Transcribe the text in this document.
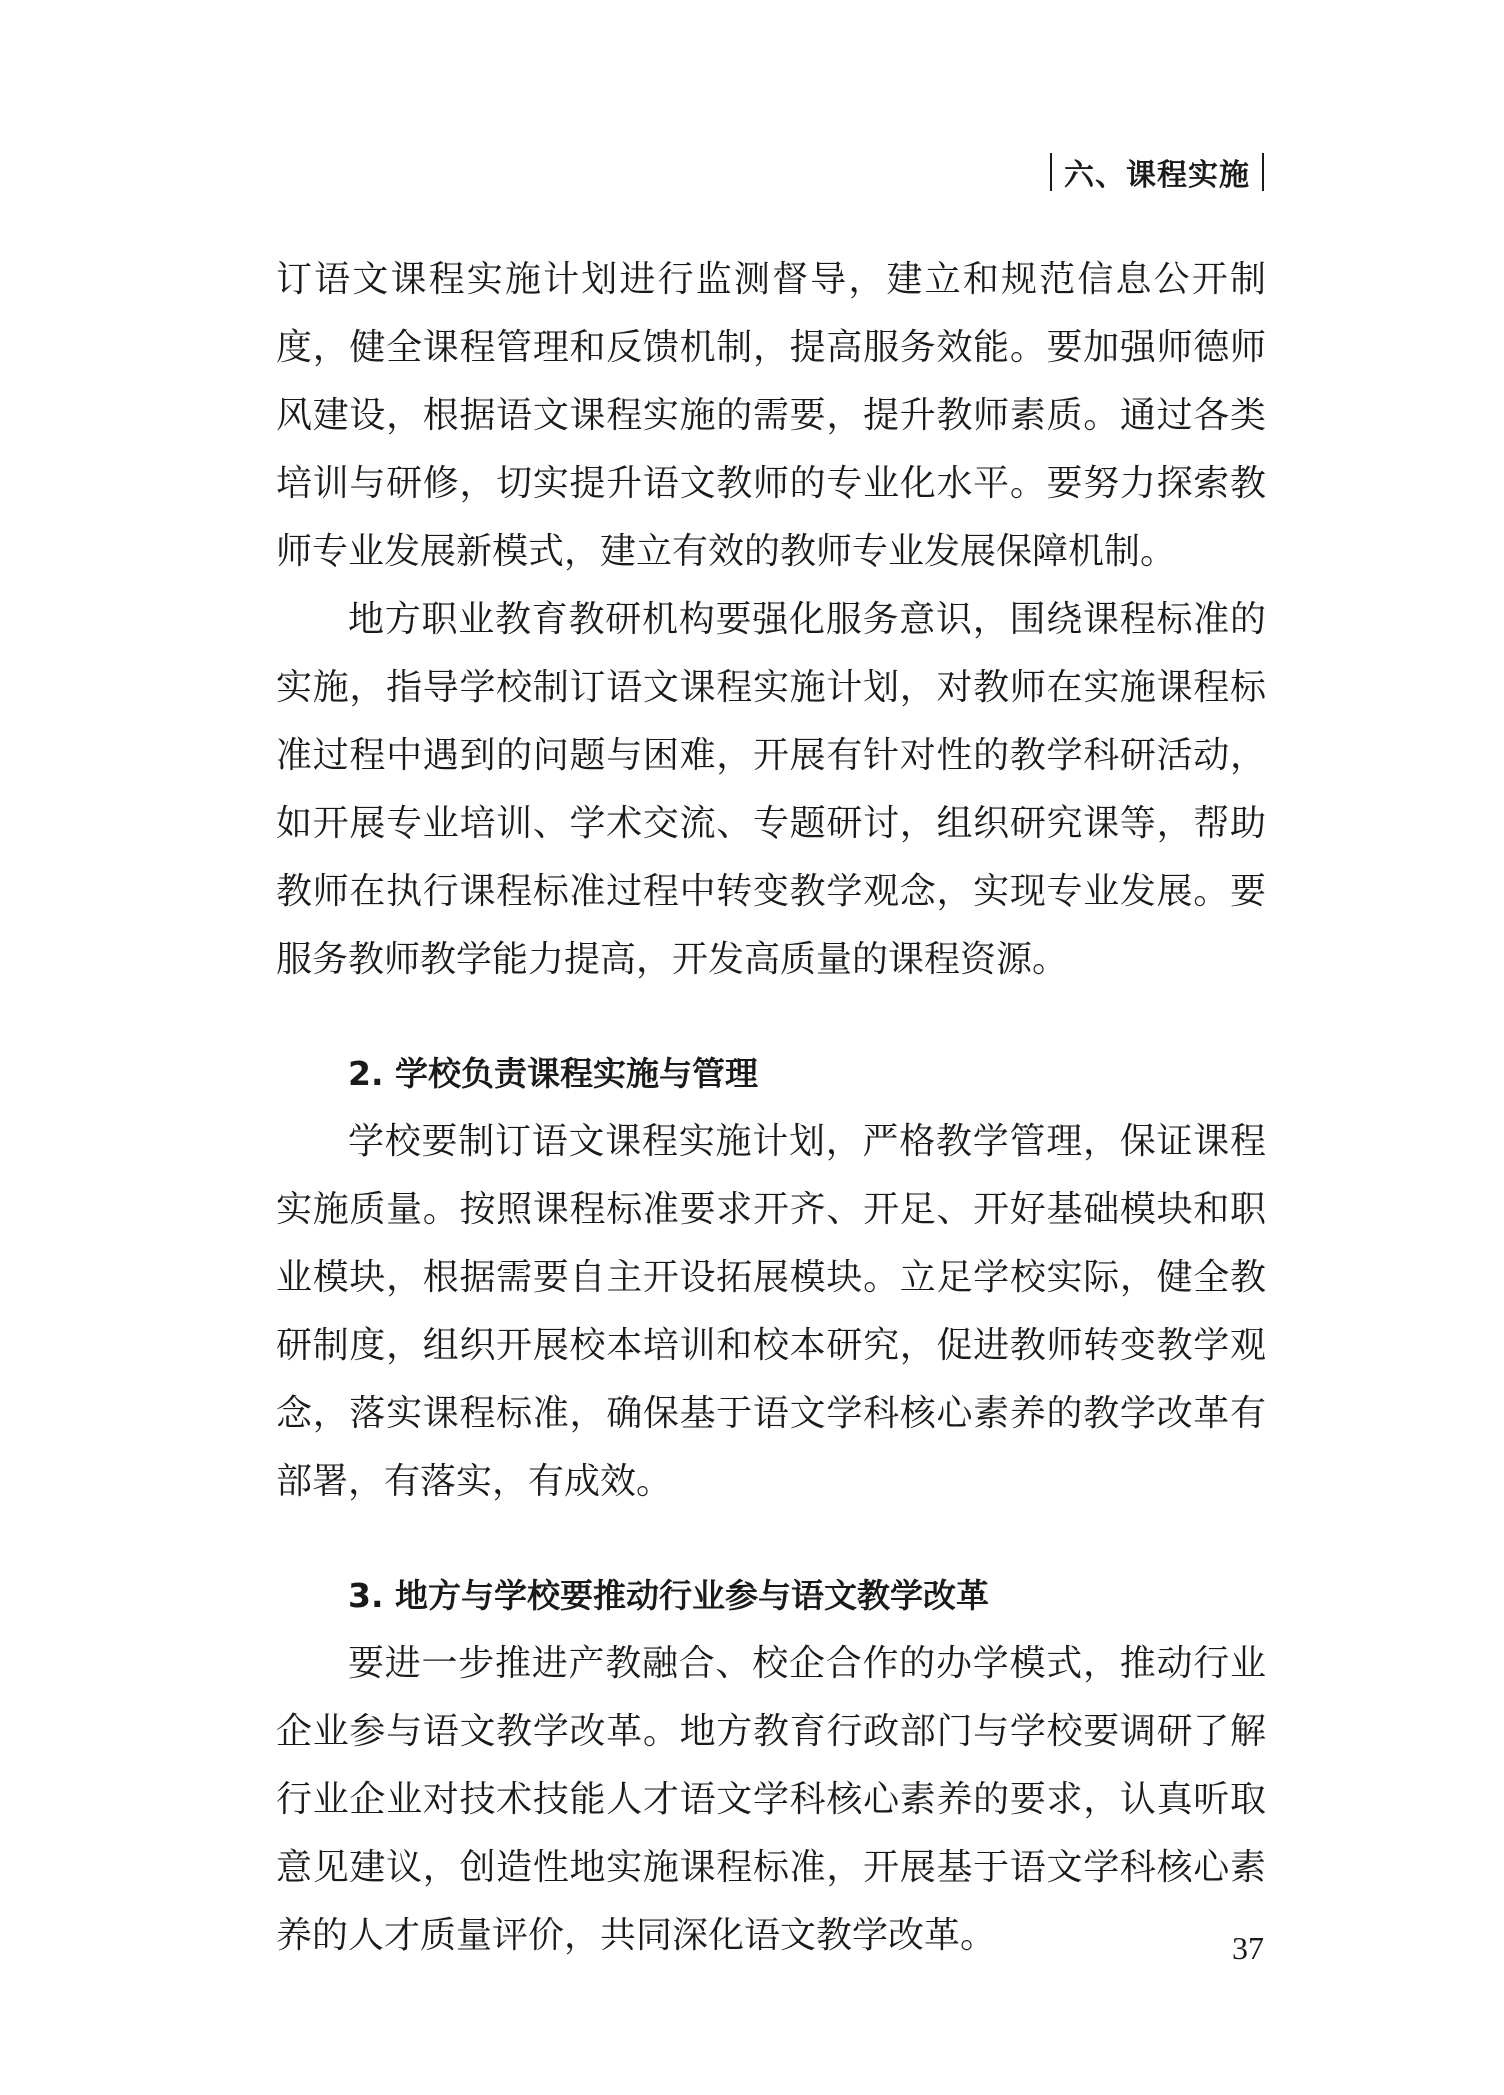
六、课程实施

订语文课程实施计划进行监测督导，建立和规范信息公开制度，健全课程管理和反馈机制，提高服务效能。要加强师德师风建设，根据语文课程实施的需要，提升教师素质。通过各类培训与研修，切实提升语文教师的专业化水平。要努力探索教师专业发展新模式，建立有效的教师专业发展保障机制。

地方职业教育教研机构要强化服务意识，围绕课程标准的实施，指导学校制订语文课程实施计划，对教师在实施课程标准过程中遇到的问题与困难，开展有针对性的教学科研活动，如开展专业培训、学术交流、专题研讨，组织研究课等，帮助教师在执行课程标准过程中转变教学观念，实现专业发展。要服务教师教学能力提高，开发高质量的课程资源。

2. 学校负责课程实施与管理

学校要制订语文课程实施计划，严格教学管理，保证课程实施质量。按照课程标准要求开齐、开足、开好基础模块和职业模块，根据需要自主开设拓展模块。立足学校实际，健全教研制度，组织开展校本培训和校本研究，促进教师转变教学观念，落实课程标准，确保基于语文学科核心素养的教学改革有部署，有落实，有成效。

3. 地方与学校要推动行业参与语文教学改革

要进一步推进产教融合、校企合作的办学模式，推动行业企业参与语文教学改革。地方教育行政部门与学校要调研了解行业企业对技术技能人才语文学科核心素养的要求，认真听取意见建议，创造性地实施课程标准，开展基于语文学科核心素养的人才质量评价，共同深化语文教学改革。	37
